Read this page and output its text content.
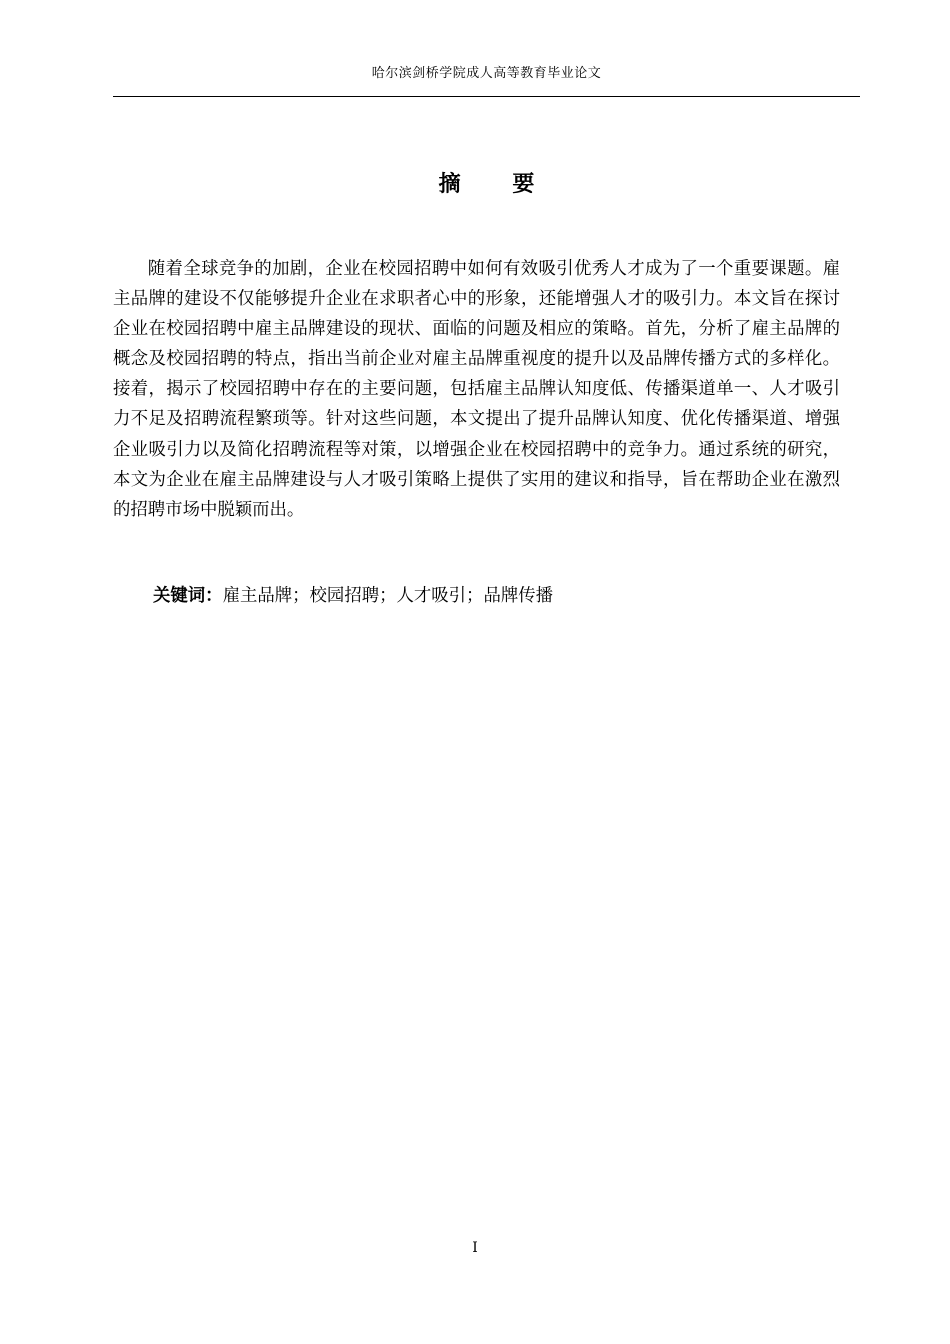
哈尔滨剑桥学院成人高等教育毕业论文
摘 要

随着全球竞争的加剧，企业在校园招聘中如何有效吸引优秀人才成为了一个重要课题。雇主品牌的建设不仅能够提升企业在求职者心中的形象，还能增强人才的吸引力。本文旨在探讨企业在校园招聘中雇主品牌建设的现状、面临的问题及相应的策略。首先，分析了雇主品牌的概念及校园招聘的特点，指出当前企业对雇主品牌重视度的提升以及品牌传播方式的多样化。接着，揭示了校园招聘中存在的主要问题，包括雇主品牌认知度低、传播渠道单一、人才吸引力不足及招聘流程繁琐等。针对这些问题，本文提出了提升品牌认知度、优化传播渠道、增强企业吸引力以及简化招聘流程等对策，以增强企业在校园招聘中的竞争力。通过系统的研究，本文为企业在雇主品牌建设与人才吸引策略上提供了实用的建议和指导，旨在帮助企业在激烈的招聘市场中脱颖而出。

关键词：雇主品牌；校园招聘；人才吸引；品牌传播
I
